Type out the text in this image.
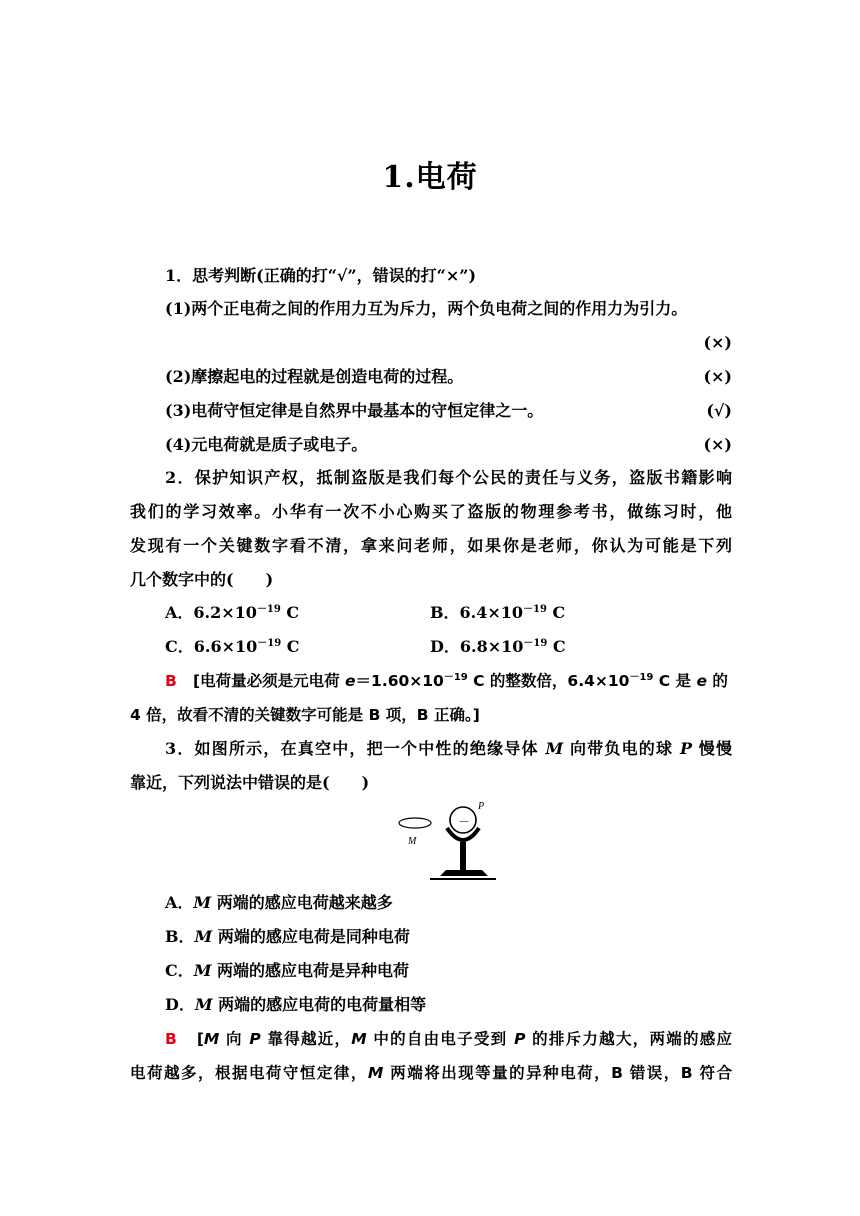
1.电荷
1．思考判断(正确的打“√”，错误的打“×”)
(1)两个正电荷之间的作用力互为斥力，两个负电荷之间的作用力为引力。
(×)
(2)摩擦起电的过程就是创造电荷的过程。	(×)
(3)电荷守恒定律是自然界中最基本的守恒定律之一。	(√)
(4)元电荷就是质子或电子。	(×)
2．保护知识产权，抵制盗版是我们每个公民的责任与义务，盗版书籍影响
我们的学习效率。小华有一次不小心购买了盗版的物理参考书，做练习时，他
发现有一个关键数字看不清，拿来问老师，如果你是老师，你认为可能是下列
几个数字中的(　　)
A．$6.2\times 10^{-19}$ C	B．$6.4\times 10^{-19}$ C
C．$6.6\times 10^{-19}$ C	D．$6.8\times 10^{-19}$ C
B [电荷量必须是元电荷 $e=1.60\times 10^{-19}$ C 的整数倍，$6.4\times 10^{-19}$ C 是 e 的
4 倍，故看不清的关键数字可能是 B 项，B 正确。]
3．如图所示，在真空中，把一个中性的绝缘导体 M 向带负电的球 P 慢慢
靠近，下列说法中错误的是(　　)
M
－
P
A．M 两端的感应电荷越来越多
B．M 两端的感应电荷是同种电荷
C．M 两端的感应电荷是异种电荷
D．M 两端的感应电荷的电荷量相等
B [M 向 P 靠得越近，M 中的自由电子受到 P 的排斥力越大，两端的感应
电荷越多，根据电荷守恒定律，M 两端将出现等量的异种电荷，B 错误，B 符合
